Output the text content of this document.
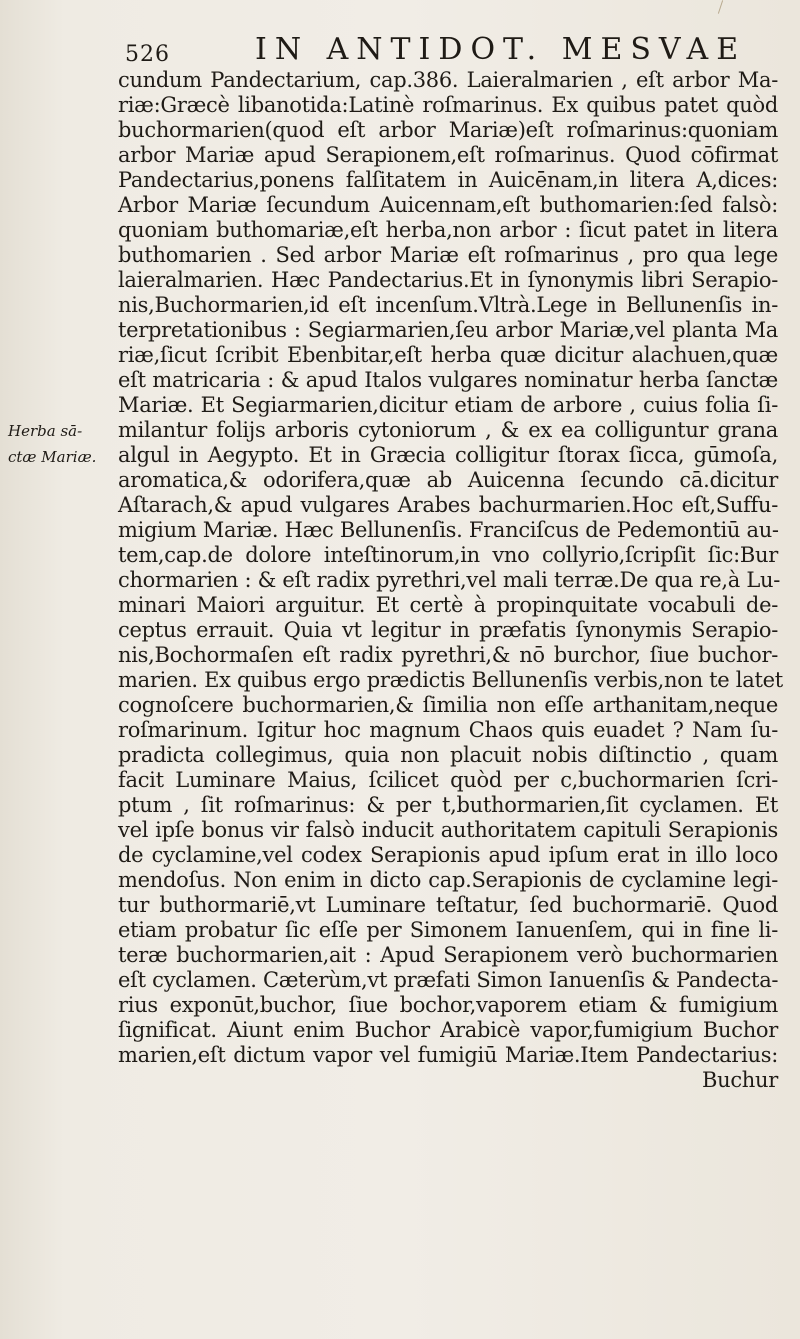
526	IN ANTIDOT. MESVAE
Herba sā-
ctæ Mariæ.
cundum Pandectarium, cap.386. Laieralmarien , eſt arbor Ma-
riæ:Græcè libanotida:Latinè roſmarinus. Ex quibus patet quòd
buchormarien(quod eſt arbor Mariæ)eſt roſmarinus:quoniam
arbor Mariæ apud Serapionem,eſt roſmarinus. Quod cōfirmat
Pandectarius,ponens falſitatem in Auicēnam,in litera A,dices:
Arbor Mariæ ſecundum Auicennam,eſt buthomarien:ſed falsò:
quoniam buthomariæ,eſt herba,non arbor : ſicut patet in litera
buthomarien . Sed arbor Mariæ eſt roſmarinus , pro qua lege
laieralmarien. Hæc Pandectarius.Et in ſynonymis libri Serapio-
nis,Buchormarien,id eſt incenſum.Vltrà.Lege in Bellunenſis in-
terpretationibus : Segiarmarien,ſeu arbor Mariæ,vel planta Ma
riæ,ſicut ſcribit Ebenbitar,eſt herba quæ dicitur alachuen,quæ
eſt matricaria : & apud Italos vulgares nominatur herba ſanctæ
Mariæ. Et Segiarmarien,dicitur etiam de arbore , cuius folia ſi-
milantur folijs arboris cytoniorum , & ex ea colliguntur grana
algul in Aegypto. Et in Græcia colligitur ſtorax ſicca, gūmoſa,
aromatica,& odorifera,quæ ab Auicenna ſecundo cā.dicitur
Aſtarach,& apud vulgares Arabes bachurmarien.Hoc eſt,Suffu-
migium Mariæ. Hæc Bellunenſis. Franciſcus de Pedemontiū au-
tem,cap.de dolore inteſtinorum,in vno collyrio,ſcripſit ſic:Bur
chormarien : & eſt radix pyrethri,vel mali terræ.De qua re,à Lu-
minari Maiori arguitur. Et certè à propinquitate vocabuli de-
ceptus errauit. Quia vt legitur in præfatis ſynonymis Serapio-
nis,Bochormaſen eſt radix pyrethri,& nō burchor, ſiue buchor-
marien. Ex quibus ergo prædictis Bellunenſis verbis,non te latet
cognoſcere buchormarien,& ſimilia non eſſe arthanitam,neque
roſmarinum. Igitur hoc magnum Chaos quis euadet ? Nam ſu-
pradicta collegimus, quia non placuit nobis diſtinctio , quam
facit Luminare Maius, ſcilicet quòd per c,buchormarien ſcri-
ptum , ſit roſmarinus: & per t,buthormarien,ſit cyclamen. Et
vel ipſe bonus vir falsò inducit authoritatem capituli Serapionis
de cyclamine,vel codex Serapionis apud ipſum erat in illo loco
mendoſus. Non enim in dicto cap.Serapionis de cyclamine legi-
tur buthormariē,vt Luminare teſtatur, ſed buchormariē. Quod
etiam probatur ſic eſſe per Simonem Ianuenſem, qui in fine li-
teræ buchormarien,ait : Apud Serapionem verò buchormarien
eſt cyclamen. Cæterùm,vt præfati Simon Ianuenſis & Pandecta-
rius exponūt,buchor, ſiue bochor,vaporem etiam & fumigium
ſignificat. Aiunt enim Buchor Arabicè vapor,fumigium Buchor
marien,eſt dictum vapor vel fumigiū Mariæ.Item Pandectarius:
Buchur
